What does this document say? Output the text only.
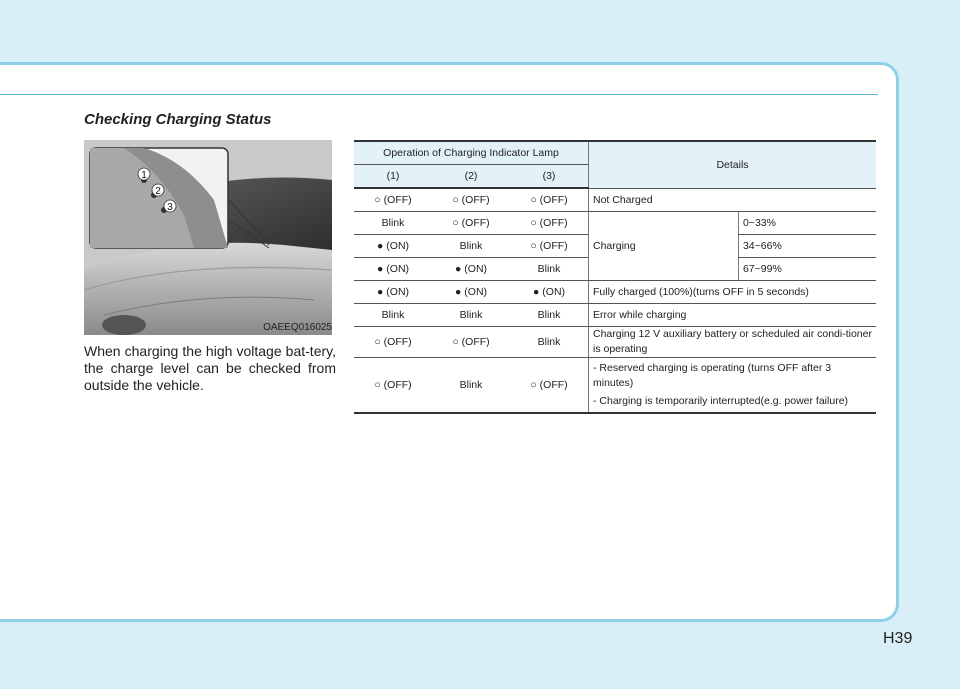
Checking Charging Status
1
2
3
OAEEQ016025
When charging the high voltage bat-tery, the charge level can be checked from outside the vehicle.
Operation of Charging Indicator Lamp			Details	
(1)	(2)	(3)		
○ (OFF)	○ (OFF)	○ (OFF)	Not Charged	
Blink	○ (OFF)	○ (OFF)	Charging	0~33%
● (ON)	Blink	○ (OFF)		34~66%
● (ON)	● (ON)	Blink		67~99%
● (ON)	● (ON)	● (ON)	Fully charged (100%)(turns OFF in 5 seconds)	
Blink	Blink	Blink	Error while charging	
○ (OFF)	○ (OFF)	Blink	Charging 12 V auxiliary battery or scheduled air condi-tioner is operating	
○ (OFF)	Blink	○ (OFF)	- Reserved charging is operating (turns OFF after 3 minutes)
- Charging is temporarily interrupted(e.g. power failure)	
H39
